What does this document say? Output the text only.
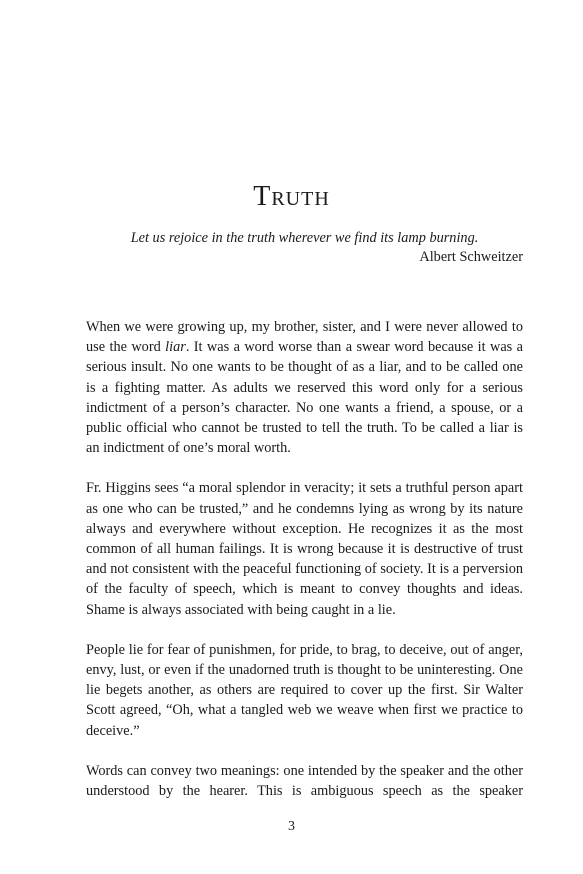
Truth
Let us rejoice in the truth wherever we find its lamp burning.
Albert Schweitzer

When we were growing up, my brother, sister, and I were never allowed to use the word liar. It was a word worse than a swear word because it was a serious insult. No one wants to be thought of as a liar, and to be called one is a fighting matter. As adults we reserved this word only for a serious indictment of a person’s character. No one wants a friend, a spouse, or a public official who cannot be trusted to tell the truth. To be called a liar is an indictment of one’s moral worth.

Fr. Higgins sees “a moral splendor in veracity; it sets a truthful person apart as one who can be trusted,” and he condemns lying as wrong by its nature always and everywhere without exception. He recognizes it as the most common of all human failings. It is wrong because it is destructive of trust and not consistent with the peaceful functioning of society. It is a perversion of the faculty of speech, which is meant to convey thoughts and ideas. Shame is always associated with being caught in a lie.

People lie for fear of punishmen, for pride, to brag, to deceive, out of anger, envy, lust, or even if the unadorned truth is thought to be uninteresting. One lie begets another, as others are required to cover up the first. Sir Walter Scott agreed, “Oh, what a tangled web we weave when first we practice to deceive.”

Words can convey two meanings: one intended by the speaker and the other understood by the hearer. This is ambiguous speech as the speaker

3
